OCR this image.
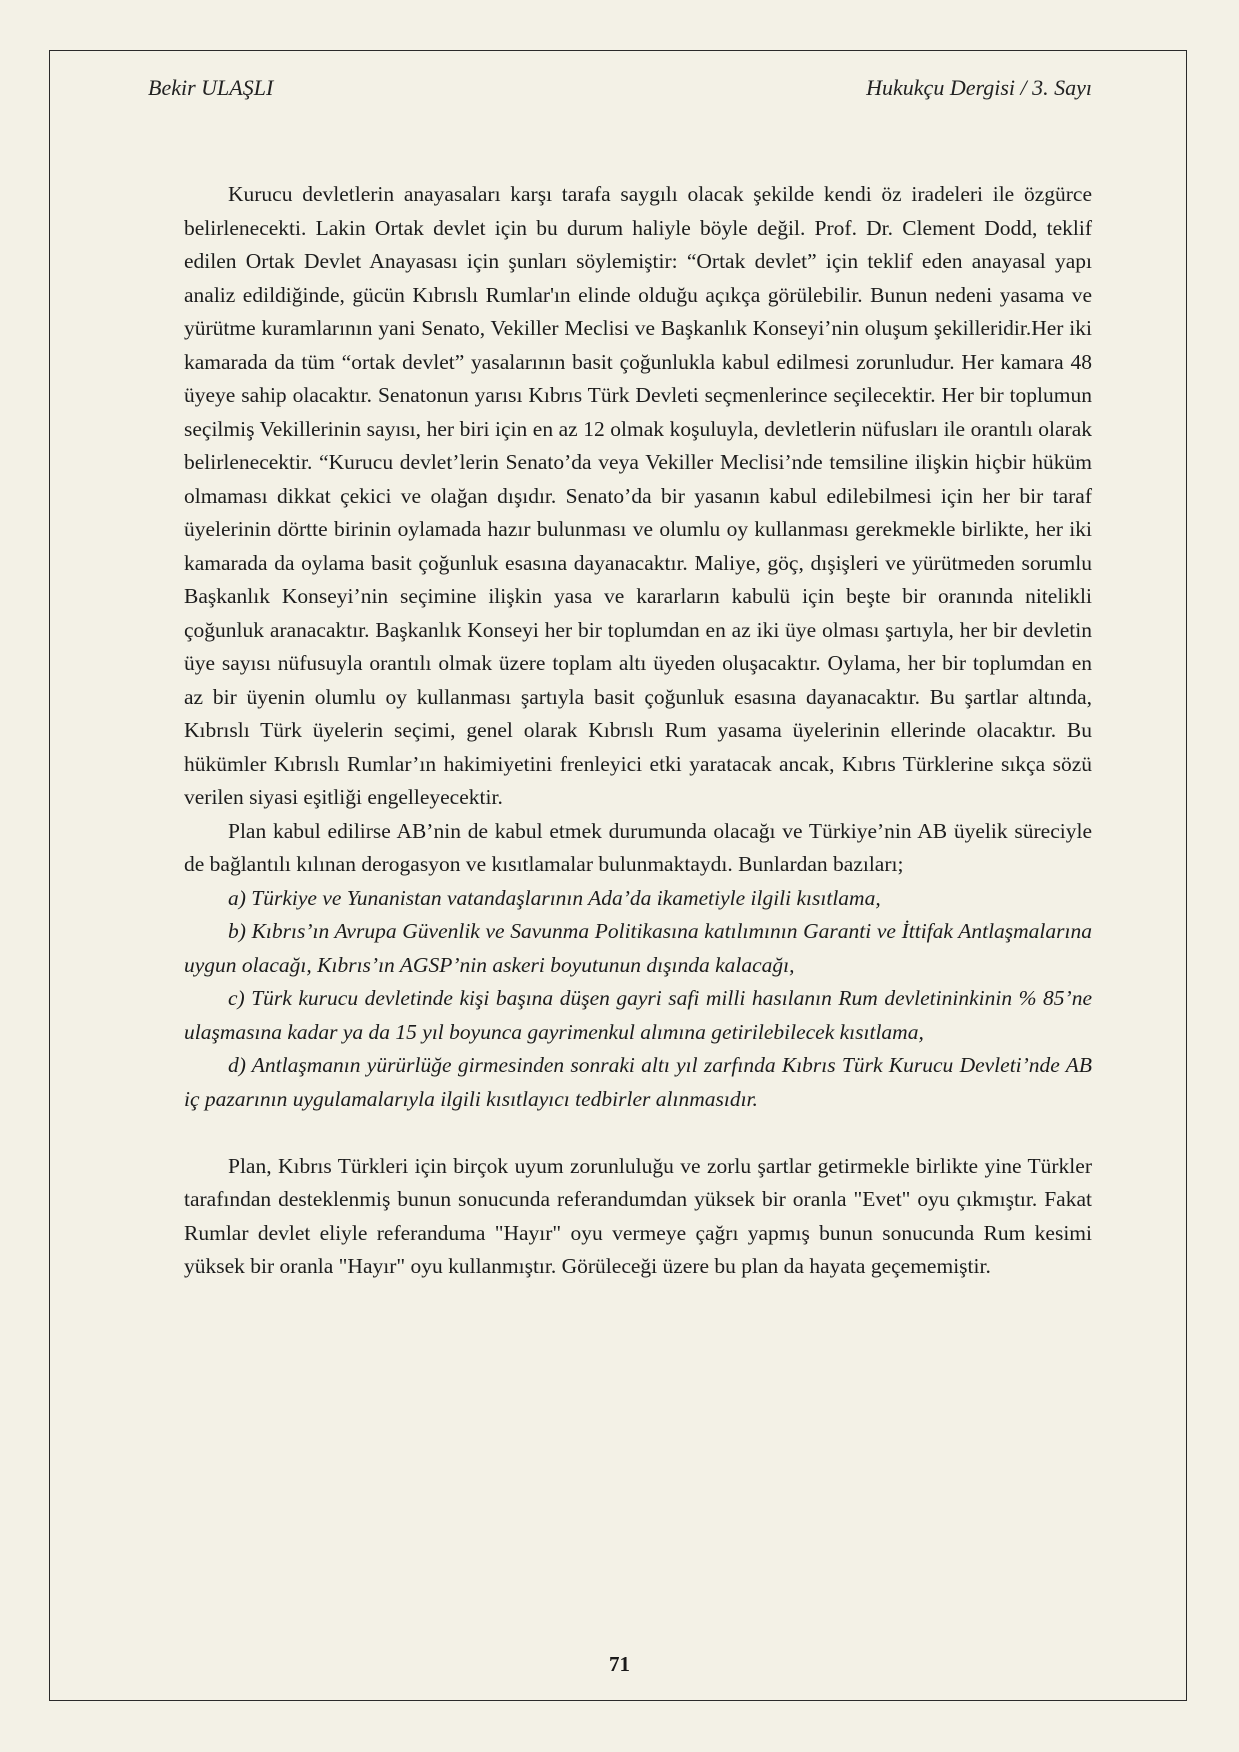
Bekir ULAŞLI	Hukukçu Dergisi / 3. Sayı

Kurucu devletlerin anayasaları karşı tarafa saygılı olacak şekilde kendi öz iradeleri ile özgürce belirlenecekti. Lakin Ortak devlet için bu durum haliyle böyle değil. Prof. Dr. Clement Dodd, teklif edilen Ortak Devlet Anayasası için şunları söylemiştir: “Ortak devlet” için teklif eden anayasal yapı analiz edildiğinde, gücün Kıbrıslı Rumlar'ın elinde olduğu açıkça görülebilir. Bunun nedeni yasama ve yürütme kuramlarının yani Senato, Vekiller Meclisi ve Başkanlık Konseyi’nin oluşum şekilleridir.Her iki kamarada da tüm “ortak devlet” yasalarının basit çoğunlukla kabul edilmesi zorunludur. Her kamara 48 üyeye sahip olacaktır. Senatonun yarısı Kıbrıs Türk Devleti seçmenlerince seçilecektir. Her bir toplumun seçilmiş Vekillerinin sayısı, her biri için en az 12 olmak koşuluyla, devletlerin nüfusları ile orantılı olarak belirlenecektir. “Kurucu devlet’lerin Senato’da veya Vekiller Meclisi’nde temsiline ilişkin hiçbir hüküm olmaması dikkat çekici ve olağan dışıdır. Senato’da bir yasanın kabul edilebilmesi için her bir taraf üyelerinin dörtte birinin oylamada hazır bulunması ve olumlu oy kullanması gerekmekle birlikte, her iki kamarada da oylama basit çoğunluk esasına dayanacaktır. Maliye, göç, dışişleri ve yürütmeden sorumlu Başkanlık Konseyi’nin seçimine ilişkin yasa ve kararların kabulü için beşte bir oranında nitelikli çoğunluk aranacaktır. Başkanlık Konseyi her bir toplumdan en az iki üye olması şartıyla, her bir devletin üye sayısı nüfusuyla orantılı olmak üzere toplam altı üyeden oluşacaktır. Oylama, her bir toplumdan en az bir üyenin olumlu oy kullanması şartıyla basit çoğunluk esasına dayanacaktır. Bu şartlar altında, Kıbrıslı Türk üyelerin seçimi, genel olarak Kıbrıslı Rum yasama üyelerinin ellerinde olacaktır. Bu hükümler Kıbrıslı Rumlar’ın hakimiyetini frenleyici etki yaratacak ancak, Kıbrıs Türklerine sıkça sözü verilen siyasi eşitliği engelleyecektir.

Plan kabul edilirse AB’nin de kabul etmek durumunda olacağı ve Türkiye’nin AB üyelik süreciyle de bağlantılı kılınan derogasyon ve kısıtlamalar bulunmaktaydı. Bunlardan bazıları;

a) Türkiye ve Yunanistan vatandaşlarının Ada’da ikametiyle ilgili kısıtlama,

b) Kıbrıs’ın Avrupa Güvenlik ve Savunma Politikasına katılımının Garanti ve İttifak Antlaşmalarına uygun olacağı, Kıbrıs’ın AGSP’nin askeri boyutunun dışında kalacağı,

c) Türk kurucu devletinde kişi başına düşen gayri safi milli hasılanın Rum devletininkinin % 85’ne ulaşmasına kadar ya da 15 yıl boyunca gayrimenkul alımına getirilebilecek kısıtlama,

d) Antlaşmanın yürürlüğe girmesinden sonraki altı yıl zarfında Kıbrıs Türk Kurucu Devleti’nde AB iç pazarının uygulamalarıyla ilgili kısıtlayıcı tedbirler alınmasıdır.

Plan, Kıbrıs Türkleri için birçok uyum zorunluluğu ve zorlu şartlar getirmekle birlikte yine Türkler tarafından desteklenmiş bunun sonucunda referandumdan yüksek bir oranla "Evet" oyu çıkmıştır. Fakat Rumlar devlet eliyle referanduma "Hayır" oyu vermeye çağrı yapmış bunun sonucunda Rum kesimi yüksek bir oranla "Hayır" oyu kullanmıştır. Görüleceği üzere bu plan da hayata geçememiştir.

71
